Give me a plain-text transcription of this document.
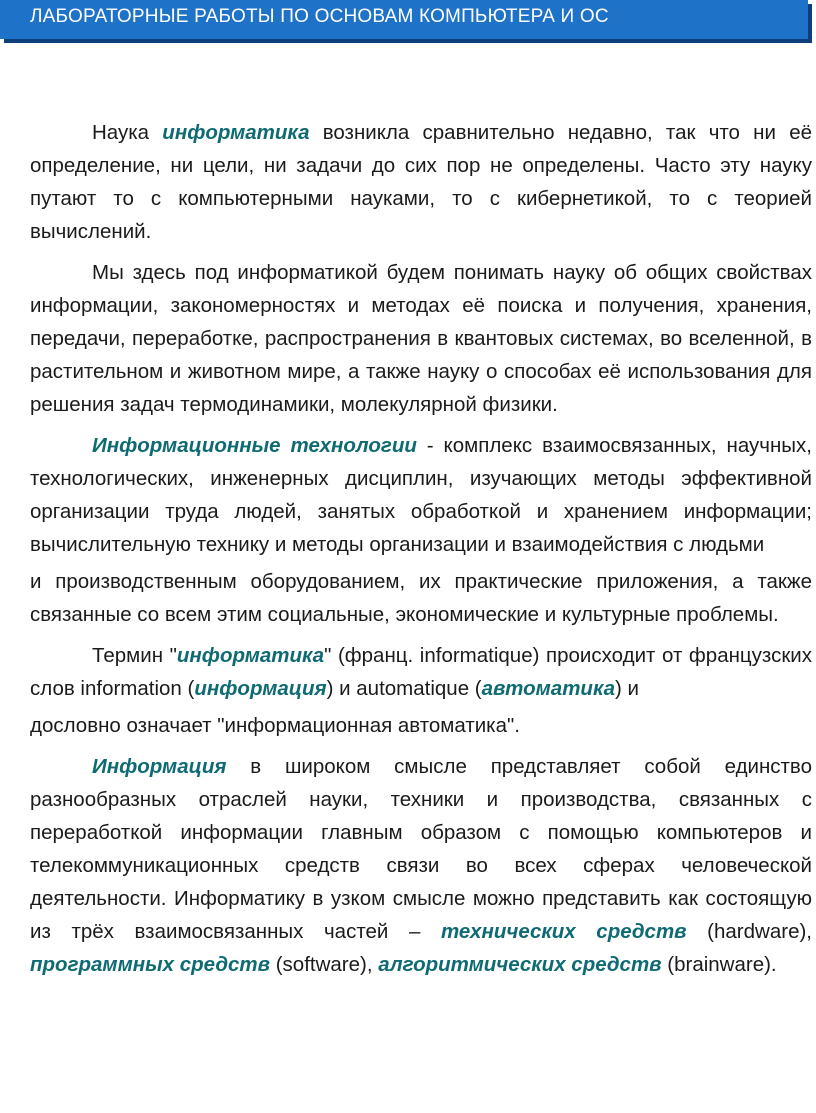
ЛАБОРАТОРНЫЕ РАБОТЫ ПО ОСНОВАМ КОМПЬЮТЕРА И ОС

Наука информатика возникла сравнительно недавно, так что ни её определение, ни цели, ни задачи до сих пор не определены. Часто эту науку путают то с компьютерными науками, то с кибернетикой, то с теорией вычислений.

Мы здесь под информатикой будем понимать науку об общих свойствах информации, закономерностях и методах её поиска и получения, хранения, передачи, переработке, распространения в квантовых системах, во вселенной, в растительном и животном мире, а также науку о способах её использования для решения задач термодинамики, молекулярной физики.

Информационные технологии - комплекс взаимосвязанных, научных, технологических, инженерных дисциплин, изучающих методы эффективной организации труда людей, занятых обработкой и хранением информации; вычислительную технику и методы организации и взаимодействия с людьми

и производственным оборудованием, их практические приложения, а также связанные со всем этим социальные, экономические и культурные проблемы.

Термин "информатика" (франц. informatique) происходит от французских слов information (информация) и automatique (автоматика) и

дословно означает "информационная автоматика".

Информация в широком смысле представляет собой единство разнообразных отраслей науки, техники и производства, связанных с переработкой информации главным образом с помощью компьютеров и телекоммуникационных средств связи во всех сферах человеческой деятельности. Информатику в узком смысле можно представить как состоящую из трёх взаимосвязанных частей – технических средств (hardware), программных средств (software), алгоритмических средств (brainware).
